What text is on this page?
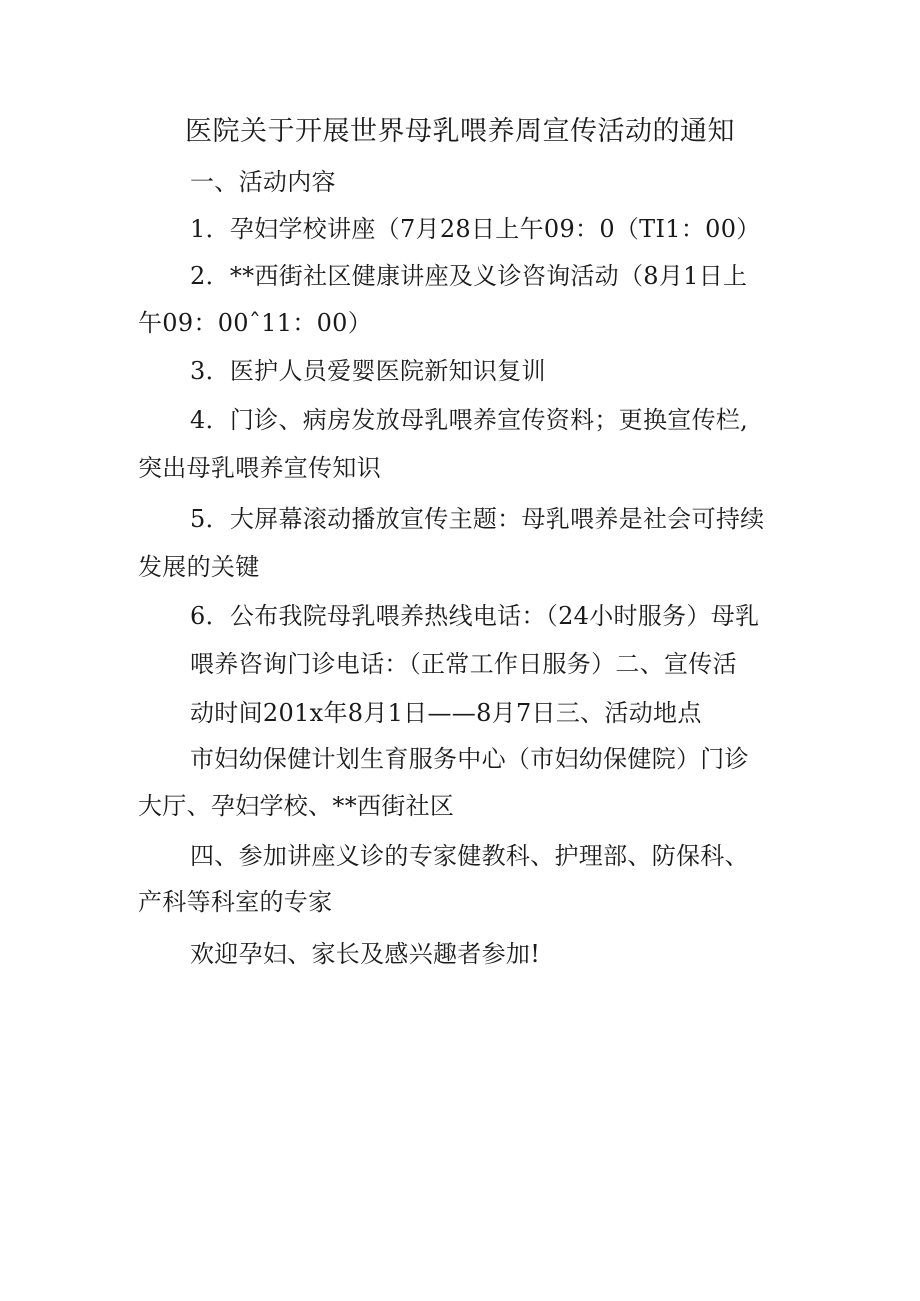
医院关于开展世界母乳喂养周宣传活动的通知
一、活动内容
1．孕妇学校讲座（7月28日上午09：0（TI1：00）
2．**西街社区健康讲座及义诊咨询活动（8月1日上
午09：00ˆ11：00）
3．医护人员爱婴医院新知识复训
4．门诊、病房发放母乳喂养宣传资料；更换宣传栏,
突出母乳喂养宣传知识
5．大屏幕滚动播放宣传主题：母乳喂养是社会可持续
发展的关键
6．公布我院母乳喂养热线电话：（24小时服务）母乳
喂养咨询门诊电话：（正常工作日服务）二、宣传活
动时间201x年8月1日——8月7日三、活动地点
市妇幼保健计划生育服务中心（市妇幼保健院）门诊
大厅、孕妇学校、**西街社区
四、参加讲座义诊的专家健教科、护理部、防保科、
产科等科室的专家
欢迎孕妇、家长及感兴趣者参加!
